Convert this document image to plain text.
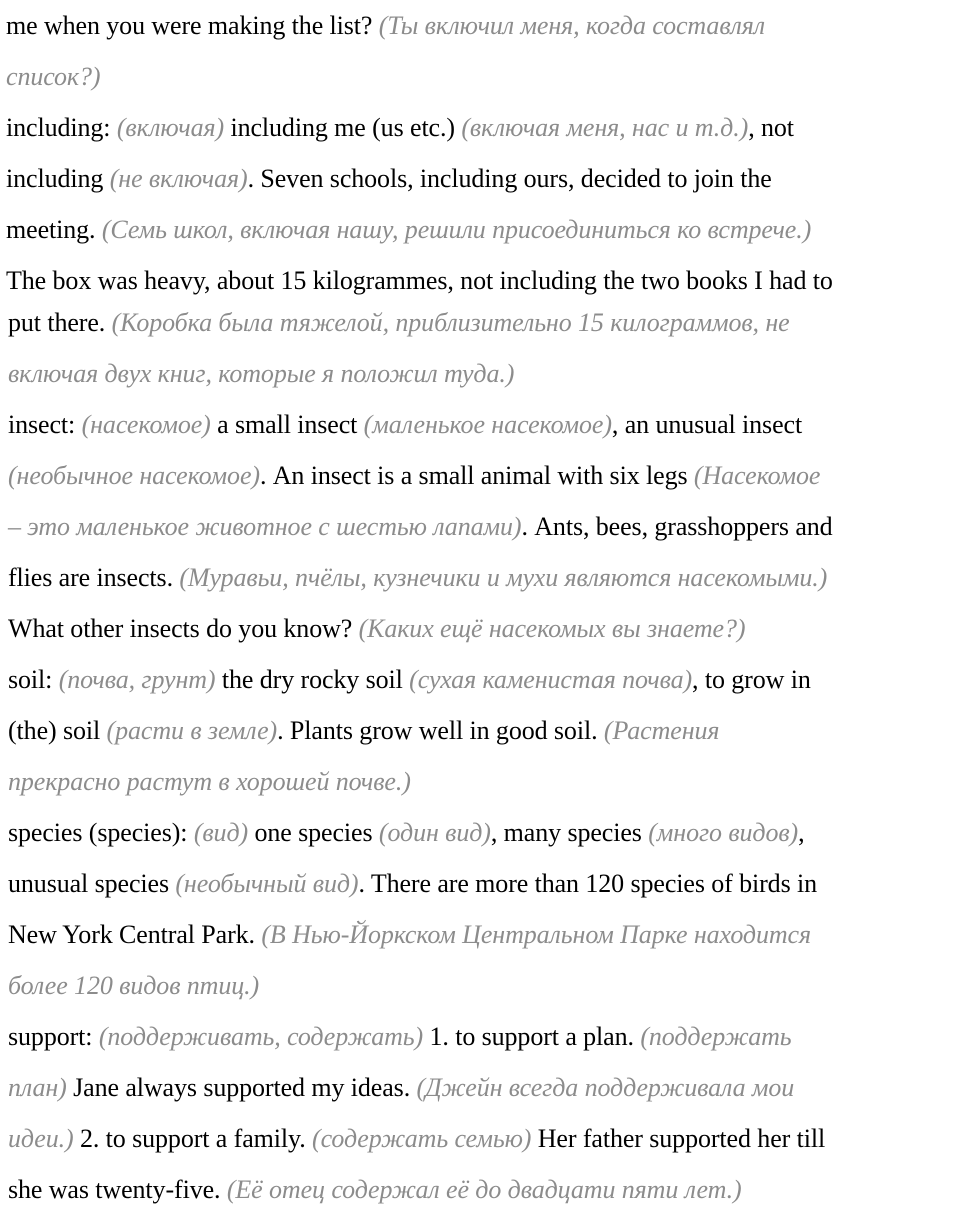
me when you were making the list? (Ты включил меня, когда составлял
список?)
including: (включая) including me (us etc.) (включая меня, нас и т.д.), not
including (не включая). Seven schools, including ours, decided to join the
meeting. (Семь школ, включая нашу, решили присоединиться ко встрече.)
The box was heavy, about 15 kilogrammes, not including the two books I had to
put there. (Коробка была тяжелой, приблизительно 15 килограммов, не
включая двух книг, которые я положил туда.)
insect: (насекомое) a small insect (маленькое насекомое), an unusual insect
(необычное насекомое). An insect is a small animal with six legs (Насекомое
– это маленькое животное с шестью лапами). Ants, bees, grasshoppers and
flies are insects. (Муравьи, пчёлы, кузнечики и мухи являются насекомыми.)
What other insects do you know? (Каких ещё насекомых вы знаете?)
soil: (почва, грунт) the dry rocky soil (сухая каменистая почва), to grow in
(the) soil (расти в земле). Plants grow well in good soil. (Растения
прекрасно растут в хорошей почве.)
species (species): (вид) one species (один вид), many species (много видов),
unusual species (необычный вид). There are more than 120 species of birds in
New York Central Park. (В Нью-Йоркском Центральном Парке находится
более 120 видов птиц.)
support: (поддерживать, содержать) 1. to support a plan. (поддержать
план) Jane always supported my ideas. (Джейн всегда поддерживала мои
идеи.) 2. to support a family. (содержать семью) Her father supported her till
she was twenty-five. (Её отец содержал её до двадцати пяти лет.)
